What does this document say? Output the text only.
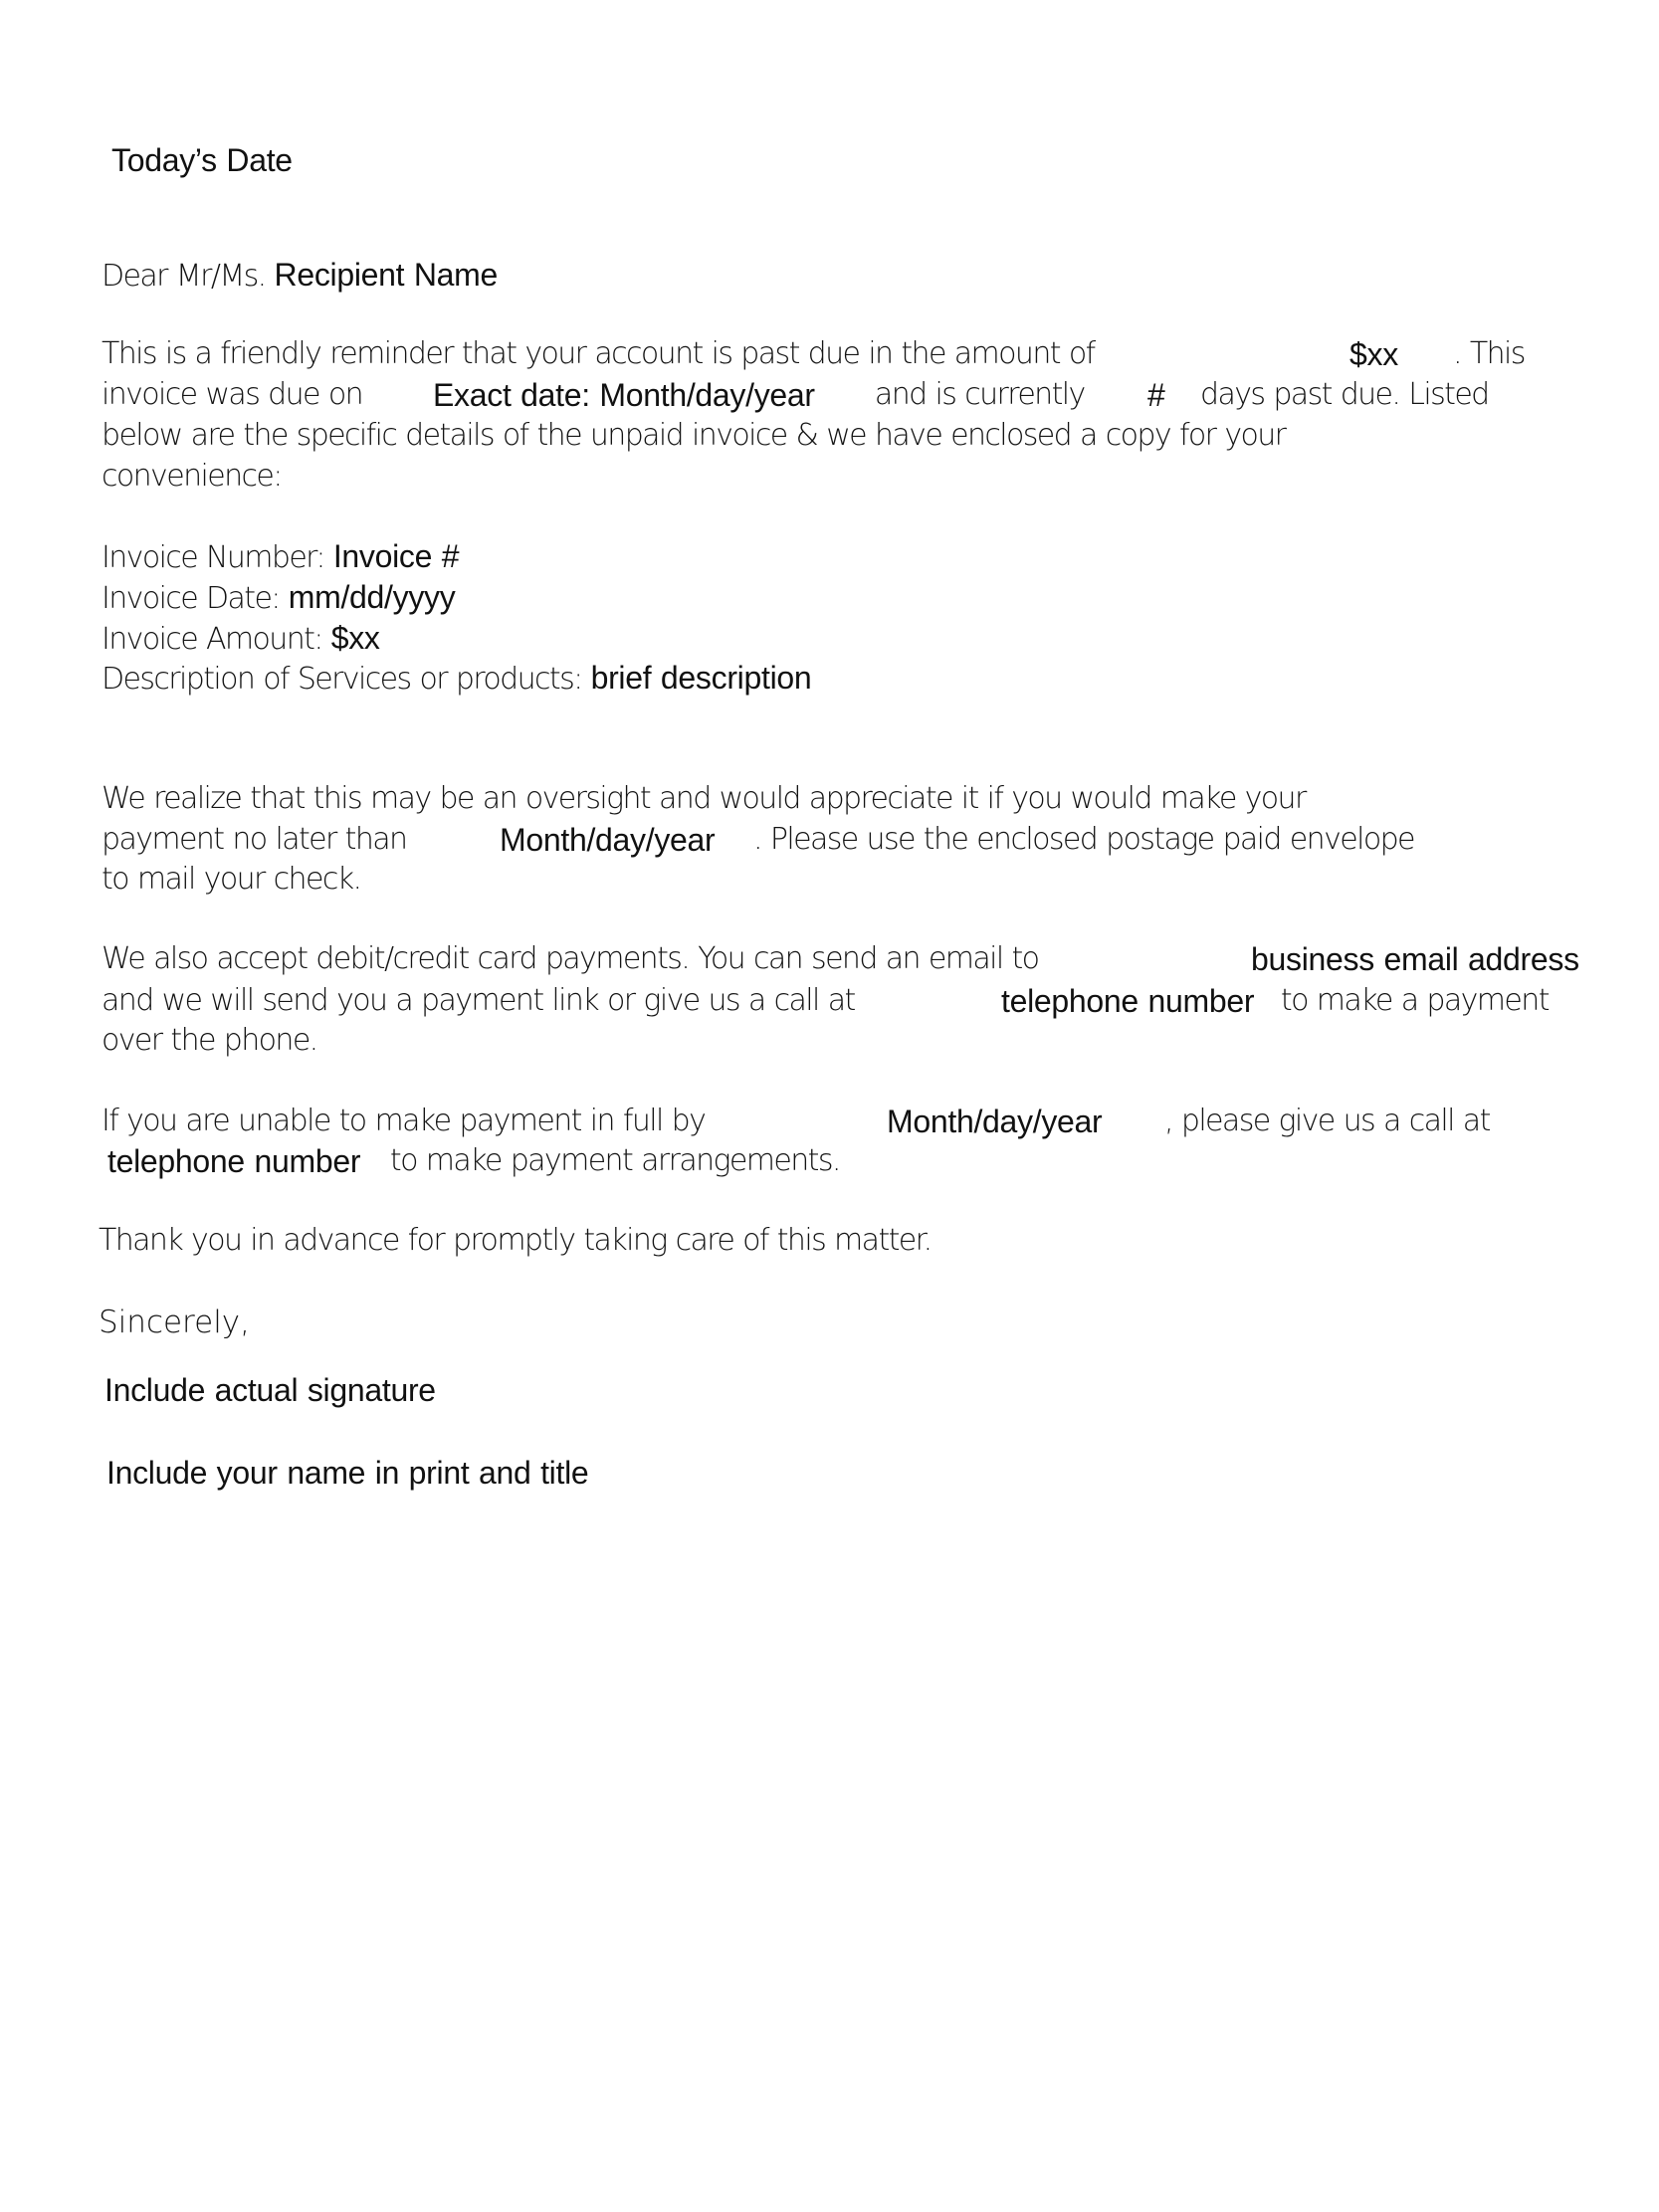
Today’s Date
Dear Mr/Ms. Recipient Name
This is a friendly reminder that your account is past due in the amount of	$xx . This
invoice was due on Exact date: Month/day/year and is currently # days past due. Listed
below are the specific details of the unpaid invoice & we have enclosed a copy for your
convenience:
Invoice Number: Invoice #
Invoice Date: mm/dd/yyyy
Invoice Amount: $xx
Description of Services or products: brief description
We realize that this may be an oversight and would appreciate it if you would make your
payment no later than	Month/day/year . Please use the enclosed postage paid envelope
to mail your check.
We also accept debit/credit card payments. You can send an email to	business email address
and we will send you a payment link or give us a call at	telephone number to make a payment
over the phone.
If you are unable to make payment in full by	Month/day/year , please give us a call at
telephone number to make payment arrangements.
Thank you in advance for promptly taking care of this matter.
Sincerely,
Include actual signature
Include your name in print and title
